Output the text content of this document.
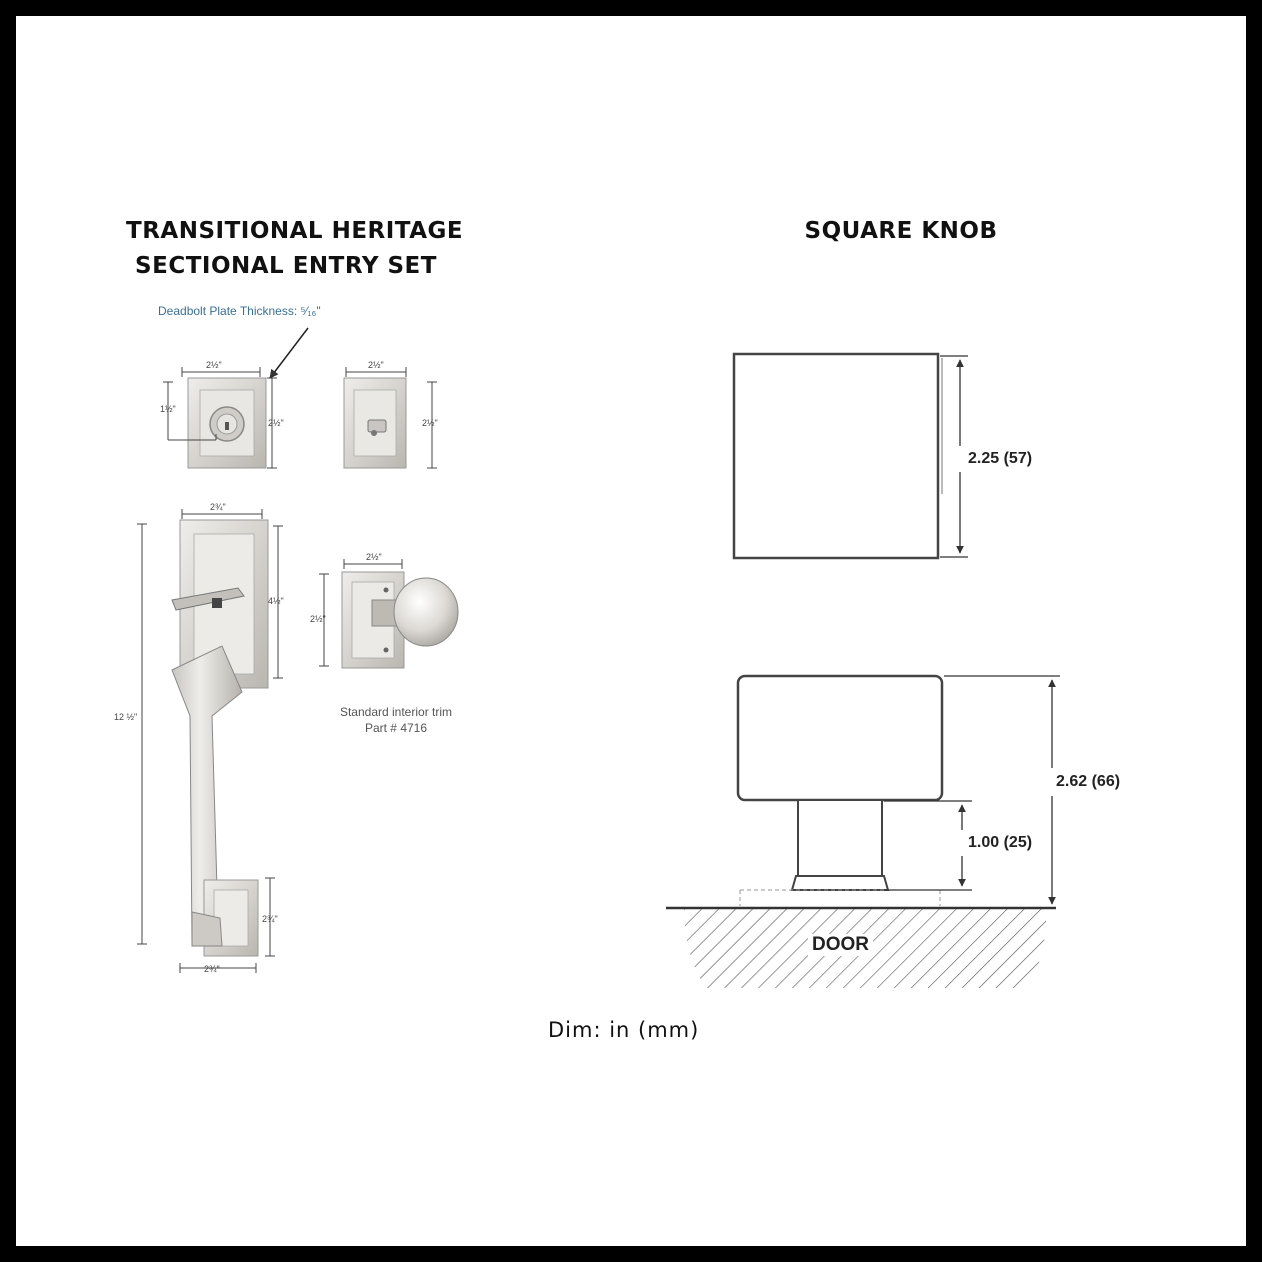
TRANSITIONAL HERITAGE
SECTIONAL ENTRY SET
SQUARE KNOB
Deadbolt Plate Thickness: ⁵⁄₁₆"
2½"
2½"
1½"
2½"
2½"
2¾"
4½"
12 ½"
2¾"
2¾"
2½"
2½"
Standard interior trim
Part # 4716
2.25 (57)
2.62 (66)
1.00 (25)
DOOR
Dim: in (mm)
